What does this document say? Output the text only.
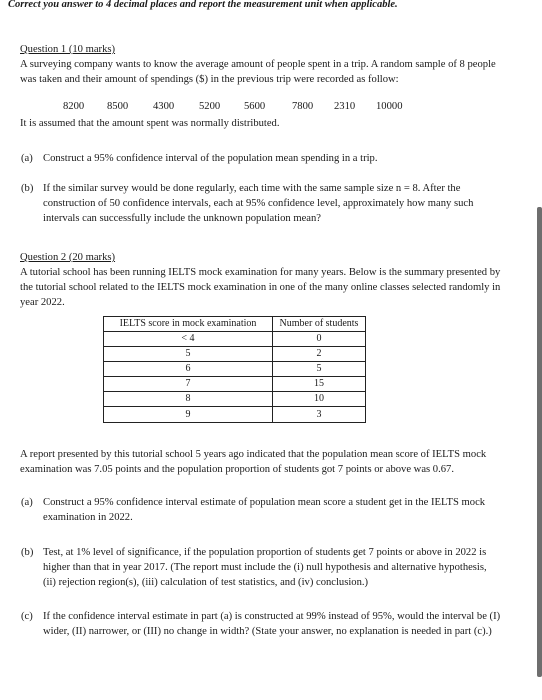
Correct you answer to 4 decimal places and report the measurement unit when applicable.
Question 1 (10 marks)
A surveying company wants to know the average amount of people spent in a trip. A random sample of 8 people was taken and their amount of spendings ($) in the previous trip were recorded as follow:
8200	8500	4300	5200	5600	7800	2310	10000
It is assumed that the amount spent was normally distributed.
(a) Construct a 95% confidence interval of the population mean spending in a trip.
(b) If the similar survey would be done regularly, each time with the same sample size n = 8. After the construction of 50 confidence intervals, each at 95% confidence level, approximately how many such intervals can successfully include the unknown population mean?
Question 2 (20 marks)
A tutorial school has been running IELTS mock examination for many years. Below is the summary presented by the tutorial school related to the IELTS mock examination in one of the many online classes selected randomly in year 2022.
IELTS score in mock examination	Number of students
< 4	0
5	2
6	5
7	15
8	10
9	3
A report presented by this tutorial school 5 years ago indicated that the population mean score of IELTS mock examination was 7.05 points and the population proportion of students got 7 points or above was 0.67.
(a) Construct a 95% confidence interval estimate of population mean score a student get in the IELTS mock examination in 2022.
(b) Test, at 1% level of significance, if the population proportion of students get 7 points or above in 2022 is higher than that in year 2017. (The report must include the (i) null hypothesis and alternative hypothesis, (ii) rejection region(s), (iii) calculation of test statistics, and (iv) conclusion.)
(c) If the confidence interval estimate in part (a) is constructed at 99% instead of 95%, would the interval be (I) wider, (II) narrower, or (III) no change in width? (State your answer, no explanation is needed in part (c).)
